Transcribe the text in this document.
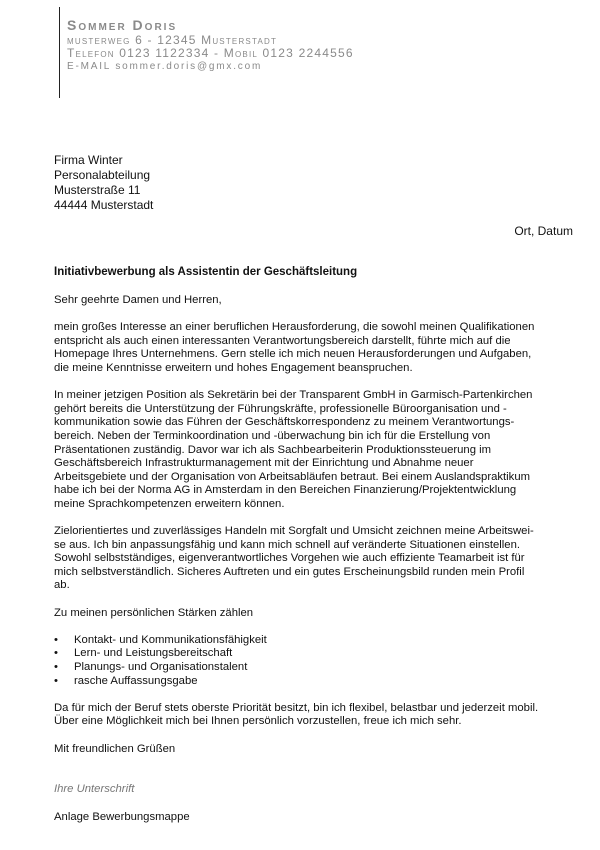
Sommer Doris
musterweg 6 - 12345 Musterstadt
Telefon 0123 1122334 - Mobil 0123 2244556
E-MAIL sommer.doris@gmx.com
Firma Winter
Personalabteilung
Musterstraße 11
44444 Musterstadt
Ort, Datum
Initiativbewerbung als Assistentin der Geschäftsleitung

Sehr geehrte Damen und Herren,

mein großes Interesse an einer beruflichen Herausforderung, die sowohl meinen Qualifikationen

entspricht als auch einen interessanten Verantwortungsbereich darstellt, führte mich auf die

Homepage Ihres Unternehmens. Gern stelle ich mich neuen Herausforderungen und Aufgaben,

die meine Kenntnisse erweitern und hohes Engagement beanspruchen.

In meiner jetzigen Position als Sekretärin bei der Transparent GmbH in Garmisch-Partenkirchen

gehört bereits die Unterstützung der Führungskräfte, professionelle Büroorganisation und -

kommunikation sowie das Führen der Geschäftskorrespondenz zu meinem Verantwortungs-

bereich. Neben der Terminkoordination und -überwachung bin ich für die Erstellung von

Präsentationen zuständig. Davor war ich als Sachbearbeiterin Produktionssteuerung im

Geschäftsbereich Infrastrukturmanagement mit der Einrichtung und Abnahme neuer

Arbeitsgebiete und der Organisation von Arbeitsabläufen betraut. Bei einem Auslandspraktikum

habe ich bei der Norma AG in Amsterdam in den Bereichen Finanzierung/Projektentwicklung

meine Sprachkompetenzen erweitern können.

Zielorientiertes und zuverlässiges Handeln mit Sorgfalt und Umsicht zeichnen meine Arbeitswei-

se aus. Ich bin anpassungsfähig und kann mich schnell auf veränderte Situationen einstellen.

Sowohl selbstständiges, eigenverantwortliches Vorgehen wie auch effiziente Teamarbeit ist für

mich selbstverständlich. Sicheres Auftreten und ein gutes Erscheinungsbild runden mein Profil

ab.

Zu meinen persönlichen Stärken zählen

• Kontakt- und Kommunikationsfähigkeit
• Lern- und Leistungsbereitschaft
• Planungs- und Organisationstalent
• rasche Auffassungsgabe

Da für mich der Beruf stets oberste Priorität besitzt, bin ich flexibel, belastbar und jederzeit mobil.

Über eine Möglichkeit mich bei Ihnen persönlich vorzustellen, freue ich mich sehr.

Mit freundlichen Grüßen

Ihre Unterschrift

Anlage Bewerbungsmappe
